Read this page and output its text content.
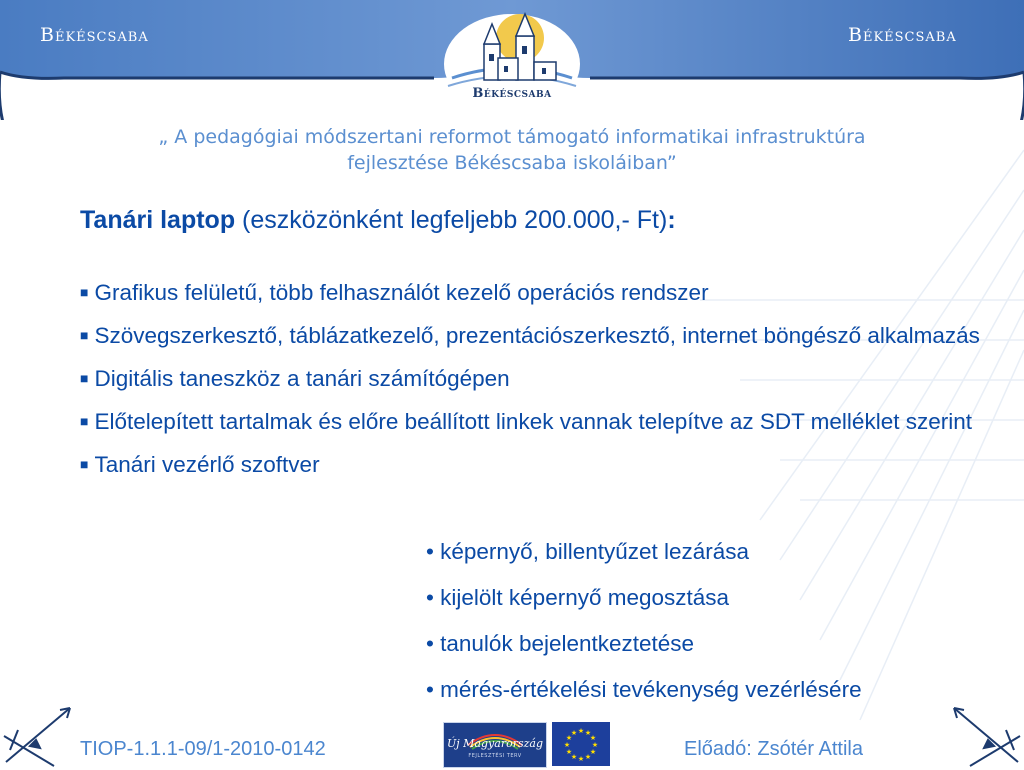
Békéscsaba	Békéscsaba
Békéscsaba
„ A pedagógiai módszertani reformot támogató informatikai infrastruktúra
fejlesztése Békéscsaba iskoláiban”
Tanári laptop (eszközönként legfeljebb 200.000,- Ft):
■ Grafikus felületű, több felhasználót kezelő operációs rendszer
■ Szövegszerkesztő, táblázatkezelő, prezentációszerkesztő, internet böngésző alkalmazás
■ Digitális taneszköz a tanári számítógépen
■ Előtelepített tartalmak és előre beállított linkek vannak telepítve az SDT melléklet szerint
■ Tanári vezérlő szoftver
• képernyő, billentyűzet lezárása
• kijelölt képernyő megosztása
• tanulók bejelentkeztetése
• mérés-értékelési tevékenység vezérlésére
TIOP-1.1.1-09/1-2010-0142	Új Magyarország
FEJLESZTÉSI TERV
★ ★
★
★
★
★
★
★
★
★
★
★
Előadó: Zsótér Attila
